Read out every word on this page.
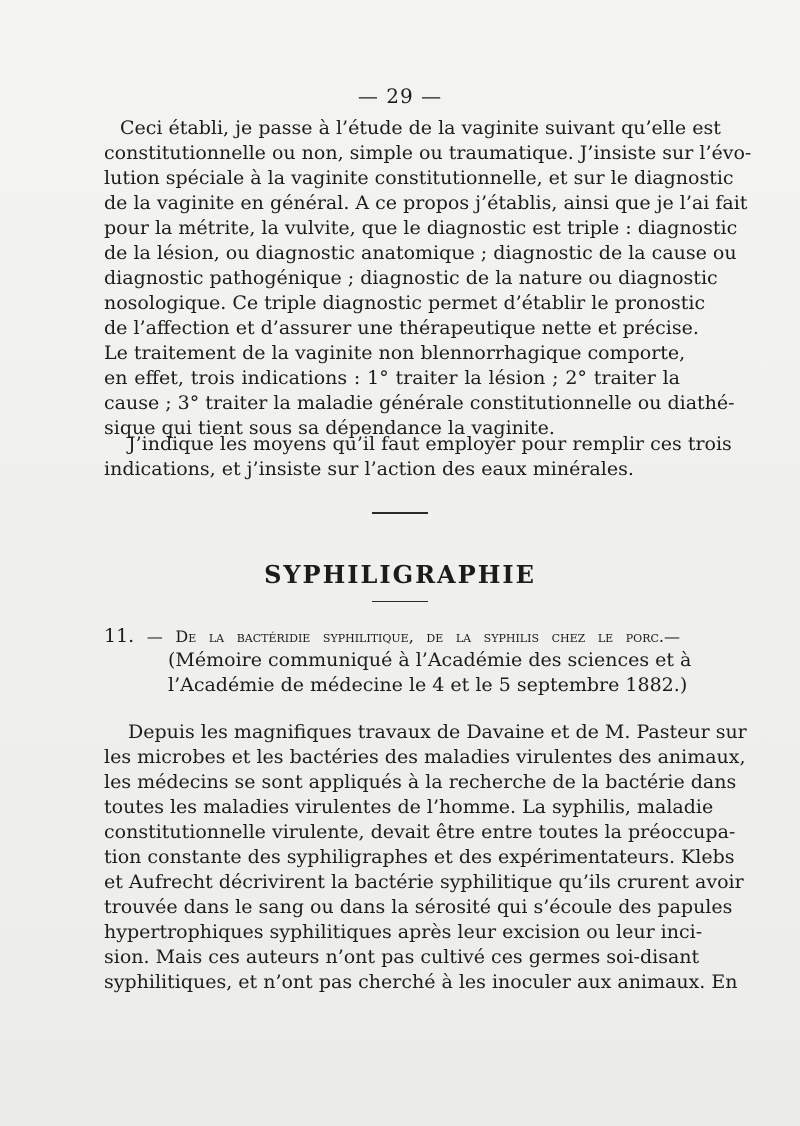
— 29 —
Ceci établi, je passe à l’étude de la vaginite suivant qu’elle est
constitutionnelle ou non, simple ou traumatique. J’insiste sur l’évo-
lution spéciale à la vaginite constitutionnelle, et sur le diagnostic
de la vaginite en général. A ce propos j’établis, ainsi que je l’ai fait
pour la métrite, la vulvite, que le diagnostic est triple : diagnostic
de la lésion, ou diagnostic anatomique ; diagnostic de la cause ou
diagnostic pathogénique ; diagnostic de la nature ou diagnostic
nosologique. Ce triple diagnostic permet d’établir le pronostic
de l’affection et d’assurer une thérapeutique nette et précise.
Le traitement de la vaginite non blennorrhagique comporte,
en effet, trois indications : 1° traiter la lésion ; 2° traiter la
cause ; 3° traiter la maladie générale constitutionnelle ou diathé-
sique qui tient sous sa dépendance la vaginite.
J’indique les moyens qu’il faut employer pour remplir ces trois
indications, et j’insiste sur l’action des eaux minérales.
SYPHILIGRAPHIE
11. — De la bactéridie syphilitique, de la syphilis chez le porc.—
(Mémoire communiqué à l’Académie des sciences et à
l’Académie de médecine le 4 et le 5 septembre 1882.)
Depuis les magnifiques travaux de Davaine et de M. Pasteur sur
les microbes et les bactéries des maladies virulentes des animaux,
les médecins se sont appliqués à la recherche de la bactérie dans
toutes les maladies virulentes de l’homme. La syphilis, maladie
constitutionnelle virulente, devait être entre toutes la préoccupa-
tion constante des syphiligraphes et des expérimentateurs. Klebs
et Aufrecht décrivirent la bactérie syphilitique qu’ils crurent avoir
trouvée dans le sang ou dans la sérosité qui s’écoule des papules
hypertrophiques syphilitiques après leur excision ou leur inci-
sion. Mais ces auteurs n’ont pas cultivé ces germes soi-disant
syphilitiques, et n’ont pas cherché à les inoculer aux animaux. En
